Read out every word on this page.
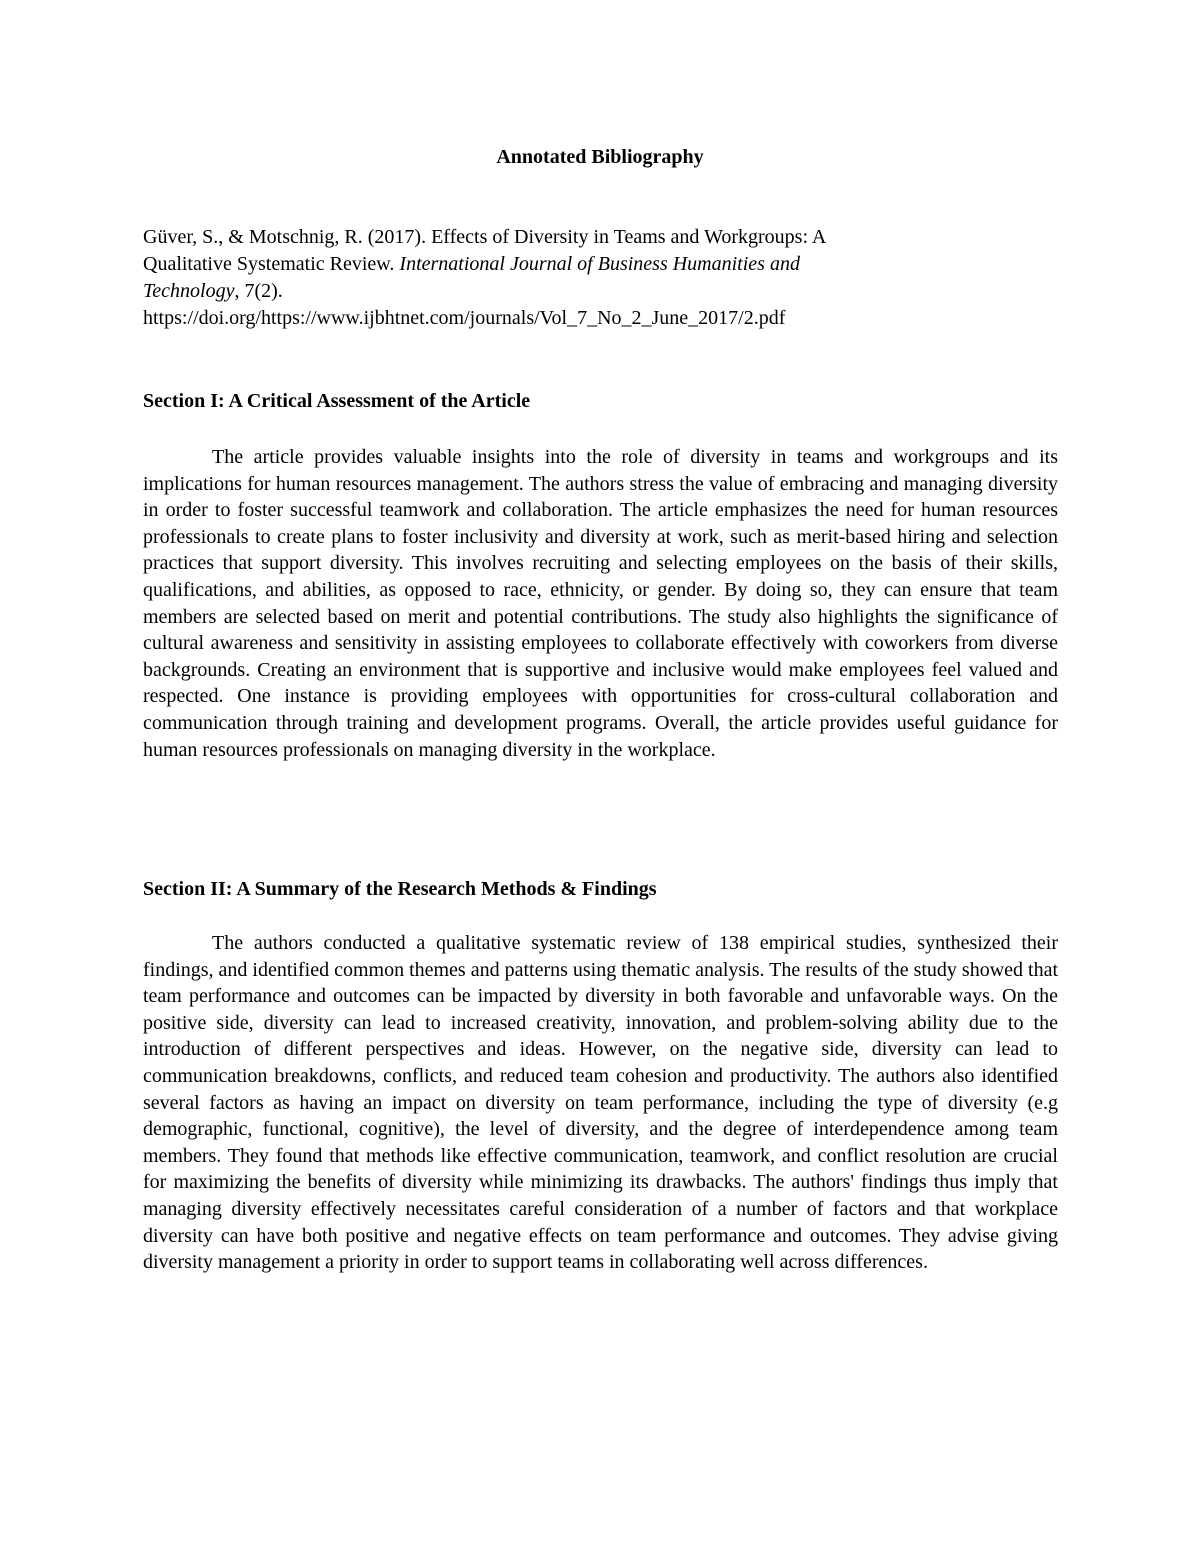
Annotated Bibliography

Güver, S., & Motschnig, R. (2017). Effects of Diversity in Teams and Workgroups: A
Qualitative Systematic Review. International Journal of Business Humanities and
Technology, 7(2).
https://doi.org/https://www.ijbhtnet.com/journals/Vol_7_No_2_June_2017/2.pdf

Section I: A Critical Assessment of the Article

The article provides valuable insights into the role of diversity in teams and workgroups and its implications for human resources management. The authors stress the value of embracing and managing diversity in order to foster successful teamwork and collaboration. The article emphasizes the need for human resources professionals to create plans to foster inclusivity and diversity at work, such as merit-based hiring and selection practices that support diversity. This involves recruiting and selecting employees on the basis of their skills, qualifications, and abilities, as opposed to race, ethnicity, or gender. By doing so, they can ensure that team members are selected based on merit and potential contributions. The study also highlights the significance of cultural awareness and sensitivity in assisting employees to collaborate effectively with coworkers from diverse backgrounds. Creating an environment that is supportive and inclusive would make employees feel valued and respected. One instance is providing employees with opportunities for cross-cultural collaboration and communication through training and development programs. Overall, the article provides useful guidance for human resources professionals on managing diversity in the workplace.

Section II: A Summary of the Research Methods & Findings

The authors conducted a qualitative systematic review of 138 empirical studies, synthesized their findings, and identified common themes and patterns using thematic analysis. The results of the study showed that team performance and outcomes can be impacted by diversity in both favorable and unfavorable ways. On the positive side, diversity can lead to increased creativity, innovation, and problem-solving ability due to the introduction of different perspectives and ideas. However, on the negative side, diversity can lead to communication breakdowns, conflicts, and reduced team cohesion and productivity. The authors also identified several factors as having an impact on diversity on team performance, including the type of diversity (e.g demographic, functional, cognitive), the level of diversity, and the degree of interdependence among team members. They found that methods like effective communication, teamwork, and conflict resolution are crucial for maximizing the benefits of diversity while minimizing its drawbacks. The authors' findings thus imply that managing diversity effectively necessitates careful consideration of a number of factors and that workplace diversity can have both positive and negative effects on team performance and outcomes. They advise giving diversity management a priority in order to support teams in collaborating well across differences.
